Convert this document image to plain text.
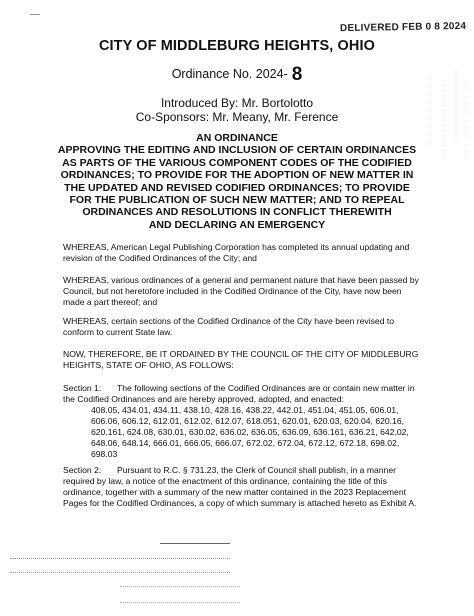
DELIVERED FEB 0 8 2024
CITY OF MIDDLEBURG HEIGHTS, OHIO
Ordinance No. 2024- 8
Introduced By: Mr. Bortolotto
Co-Sponsors: Mr. Meany, Mr. Ference
AN ORDINANCE
APPROVING THE EDITING AND INCLUSION OF CERTAIN ORDINANCES
AS PARTS OF THE VARIOUS COMPONENT CODES OF THE CODIFIED
ORDINANCES; TO PROVIDE FOR THE ADOPTION OF NEW MATTER IN
THE UPDATED AND REVISED CODIFIED ORDINANCES; TO PROVIDE
FOR THE PUBLICATION OF SUCH NEW MATTER; AND TO REPEAL
ORDINANCES AND RESOLUTIONS IN CONFLICT THEREWITH
AND DECLARING AN EMERGENCY
WHEREAS, American Legal Publishing Corporation has completed its annual updating and revision of the Codified Ordinances of the City; and
WHEREAS, various ordinances of a general and permanent nature that have been passed by Council, but not heretofore included in the Codified Ordinance of the City, have now been made a part thereof; and
WHEREAS, certain sections of the Codified Ordinance of the City have been revised to conform to current State law.
NOW, THEREFORE, BE IT ORDAINED BY THE COUNCIL OF THE CITY OF MIDDLEBURG HEIGHTS, STATE OF OHIO, AS FOLLOWS:
Section 1: The following sections of the Codified Ordinances are or contain new matter in the Codified Ordinances and are hereby approved, adopted, and enacted:
408.05, 434.01, 434.11, 438.10, 428.16, 438.22, 442.01, 451.04, 451.05, 606.01, 606.06, 606.12, 612.01, 612.02, 612.07, 618.051, 620.01, 620.03, 620.04, 620.16, 620.161, 624.08, 630.01, 630.02, 636.02, 636.05, 636.09, 636.161, 636.21, 642.02, 648.06, 648.14, 666.01, 666.05, 666.07, 672.02, 672.04, 672.12, 672.18, 698.02, 698.03
Section 2: Pursuant to R.C. § 731.23, the Clerk of Council shall publish, in a manner required by law, a notice of the enactment of this ordinance, containing the title of this ordinance, together with a summary of the new matter contained in the 2023 Replacement Pages for the Codified Ordinances, a copy of which summary is attached hereto as Exhibit A.
